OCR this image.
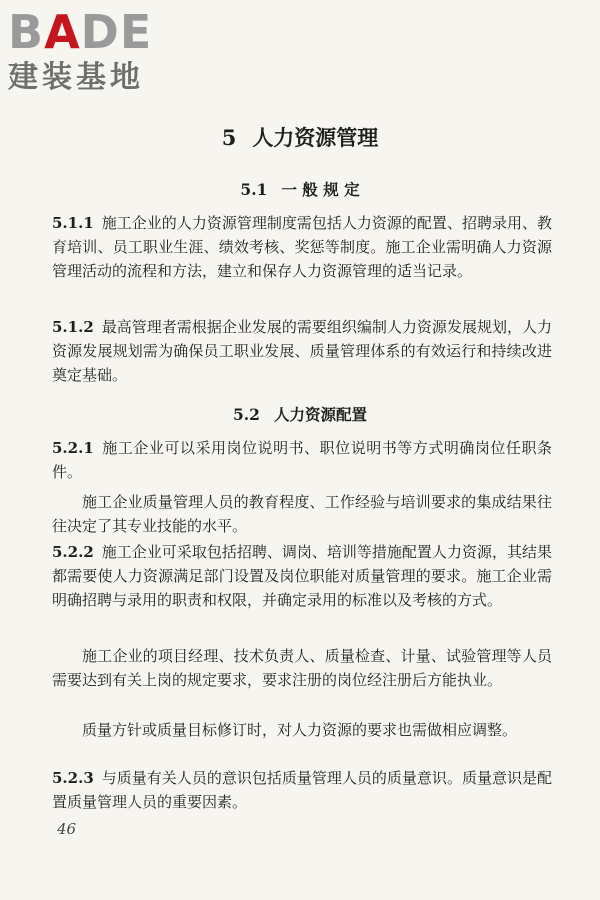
B A D E
建装基地
5 人力资源管理
5.1 一 般 规 定
5.1.1 施工企业的人力资源管理制度需包括人力资源的配置、招聘录用、教育培训、员工职业生涯、绩效考核、奖惩等制度。施工企业需明确人力资源管理活动的流程和方法，建立和保存人力资源管理的适当记录。
5.1.2 最高管理者需根据企业发展的需要组织编制人力资源发展规划，人力资源发展规划需为确保员工职业发展、质量管理体系的有效运行和持续改进奠定基础。
5.2 人力资源配置
5.2.1 施工企业可以采用岗位说明书、职位说明书等方式明确岗位任职条件。
施工企业质量管理人员的教育程度、工作经验与培训要求的集成结果往往决定了其专业技能的水平。
5.2.2 施工企业可采取包括招聘、调岗、培训等措施配置人力资源，其结果都需要使人力资源满足部门设置及岗位职能对质量管理的要求。施工企业需明确招聘与录用的职责和权限，并确定录用的标准以及考核的方式。
施工企业的项目经理、技术负责人、质量检查、计量、试验管理等人员需要达到有关上岗的规定要求，要求注册的岗位经注册后方能执业。
质量方针或质量目标修订时，对人力资源的要求也需做相应调整。
5.2.3 与质量有关人员的意识包括质量管理人员的质量意识。质量意识是配置质量管理人员的重要因素。
46
